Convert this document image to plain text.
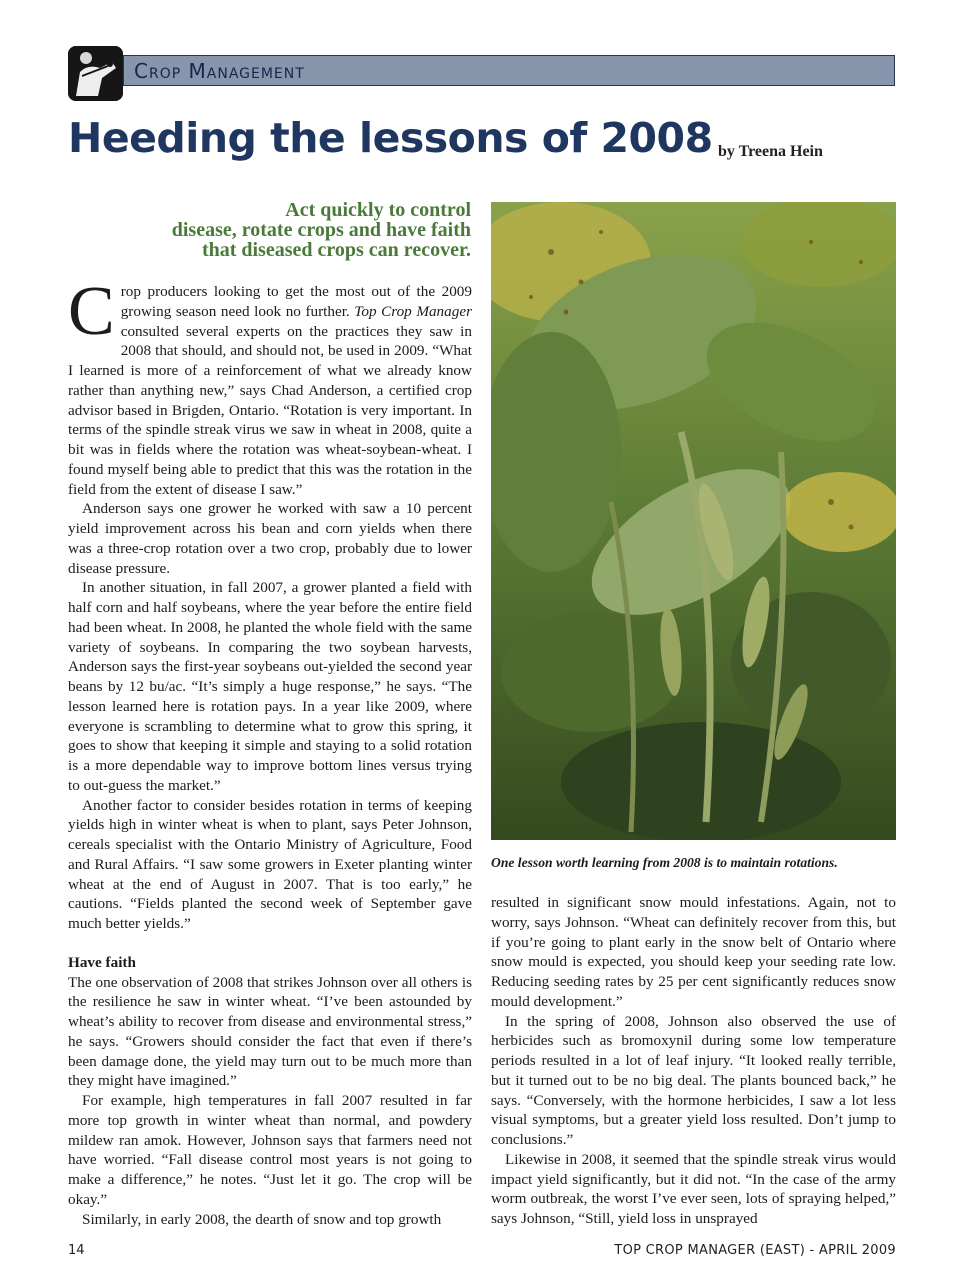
Crop Management
Heeding the lessons of 2008 by Treena Hein
Act quickly to control
disease, rotate crops and have faith
that diseased crops can recover.

Crop producers looking to get the most out of the 2009 growing season need look no further. Top Crop Manager consulted several experts on the practices they saw in 2008 that should, and should not, be used in 2009. “What I learned is more of a reinforcement of what we already know rather than anything new,” says Chad Anderson, a certified crop advisor based in Brigden, Ontario. “Rotation is very important. In terms of the spindle streak virus we saw in wheat in 2008, quite a bit was in fields where the rotation was wheat-soybean-wheat. I found myself being able to predict that this was the rotation in the field from the extent of disease I saw.”

Anderson says one grower he worked with saw a 10 percent yield improvement across his bean and corn yields when there was a three-crop rotation over a two crop, probably due to lower disease pressure.

In another situation, in fall 2007, a grower planted a field with half corn and half soybeans, where the year before the entire field had been wheat. In 2008, he planted the whole field with the same variety of soybeans. In comparing the two soybean harvests, Anderson says the first-year soybeans out-yielded the second year beans by 12 bu/ac. “It’s simply a huge response,” he says. “The lesson learned here is rotation pays. In a year like 2009, where everyone is scrambling to determine what to grow this spring, it goes to show that keeping it simple and staying to a solid rotation is a more dependable way to improve bottom lines versus trying to out-guess the market.”

Another factor to consider besides rotation in terms of keeping yields high in winter wheat is when to plant, says Peter Johnson, cereals specialist with the Ontario Ministry of Agriculture, Food and Rural Affairs. “I saw some growers in Exeter planting winter wheat at the end of August in 2007. That is too early,” he cautions. “Fields planted the second week of September gave much better yields.”

Have faith

The one observation of 2008 that strikes Johnson over all others is the resilience he saw in winter wheat. “I’ve been astounded by wheat’s ability to recover from disease and environmental stress,” he says. “Growers should consider the fact that even if there’s been damage done, the yield may turn out to be much more than they might have imagined.”

For example, high temperatures in fall 2007 resulted in far more top growth in winter wheat than normal, and powdery mildew ran amok. However, Johnson says that farmers need not have worried. “Fall disease control most years is not going to make a difference,” he notes. “Just let it go. The crop will be okay.”

Similarly, in early 2008, the dearth of snow and top growth

One lesson worth learning from 2008 is to maintain rotations.

resulted in significant snow mould infestations. Again, not to worry, says Johnson. “Wheat can definitely recover from this, but if you’re going to plant early in the snow belt of Ontario where snow mould is expected, you should keep your seeding rate low. Reducing seeding rates by 25 per cent significantly reduces snow mould development.”

In the spring of 2008, Johnson also observed the use of herbicides such as bromoxynil during some low temperature periods resulted in a lot of leaf injury. “It looked really terrible, but it turned out to be no big deal. The plants bounced back,” he says. “Conversely, with the hormone herbicides, I saw a lot less visual symptoms, but a greater yield loss resulted. Don’t jump to conclusions.”

Likewise in 2008, it seemed that the spindle streak virus would impact yield significantly, but it did not. “In the case of the army worm outbreak, the worst I’ve ever seen, lots of spraying helped,” says Johnson, “Still, yield loss in unsprayed

14	TOP CROP MANAGER (EAST) - APRIL 2009
